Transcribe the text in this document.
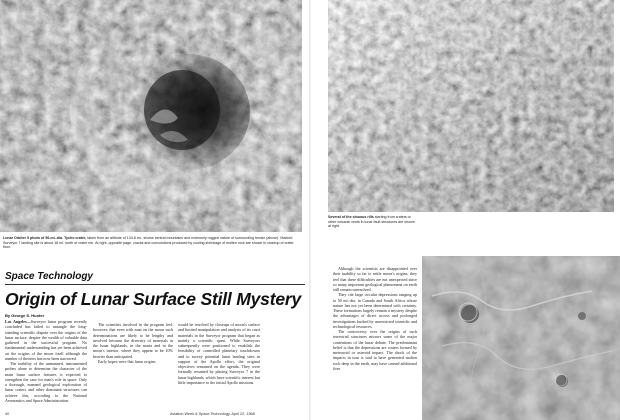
Lunar Orbiter 5 photo of 56-mi.-dia. Tycho crater, taken from an altitude of 134.8 mi., shows central mountains and extremely rugged nature of surrounding terrain (above). Marked Surveyor 7 landing site is about 18 mi. north of crater rim. At right, opposite page, cracks and convolutions produced by cooling shrinkage of molten rock are shown in closeup of crater floor.
Space Technology
Origin of Lunar Surface Still Mystery
By George S. Hunter

Los Angeles—Surveyor lunar program recently concluded has failed to untangle the long-standing scientific dispute over the origins of the lunar surface, despite the wealth of valuable data gathered in the successful program. No fundamental understanding has yet been achieved on the origins of the moon itself although the number of theories has now been narrowed.

The inability of the unmanned, instrumented probes alone to determine the character of the main lunar surface features is expected to strengthen the case for man's role in space. Only a thorough, manned geological exploration of lunar craters and other dominant structures can achieve this, according to the National Aeronautics and Space Administration.

The scientists involved in the program feel, however, that even with man on the moon such determinations are likely to be lengthy and involved because the diversity of materials in the lunar highlands, in the maria and in the moon's interior, where they appear to be 10% heavier than anticipated.

Early hopes were that lunar origins

would be resolved by closeups of moon's surface and limited manipulation and analysis of its crust materials in the Surveyor program that began as mainly a scientific quest. While Surveyors subsequently were positioned to establish the feasibility of controlled planetary touchdowns and to survey potential lunar landing sites in support of the Apollo effort, the original objectives remained on the agenda. They were formally resumed by placing Surveyor 7 in the lunar highlands, which have scientific interest but little importance to the initial Apollo missions.

40	Aviation Week & Space Technology, April 22, 1968
Several of the sinuous rills starting from craters or other volcanic vents in lunar fault structures are shown at right.

Although the scientists are disappointed over their inability so far to settle moon's origins, they feel that these difficulties are not unexpected since so many important geological phenomena on earth still remain unresolved.

They cite large circular depressions ranging up to 50 mi.-dia. in Canada and South Africa whose nature has not yet been determined with certainty. These formations largely remain a mystery despite the advantages of direct access and prolonged investigations backed by unrestricted scientific and technological resources.

The controversy over the origins of such terrestrial structures mirrors some of the major contentions of the lunar debate. The predominant belief is that the depressions are craters formed by meteoroid or asteroid impact. The shock of the impacts in turn is said to have generated molten rock deep in the earth, may have caused additional fires
